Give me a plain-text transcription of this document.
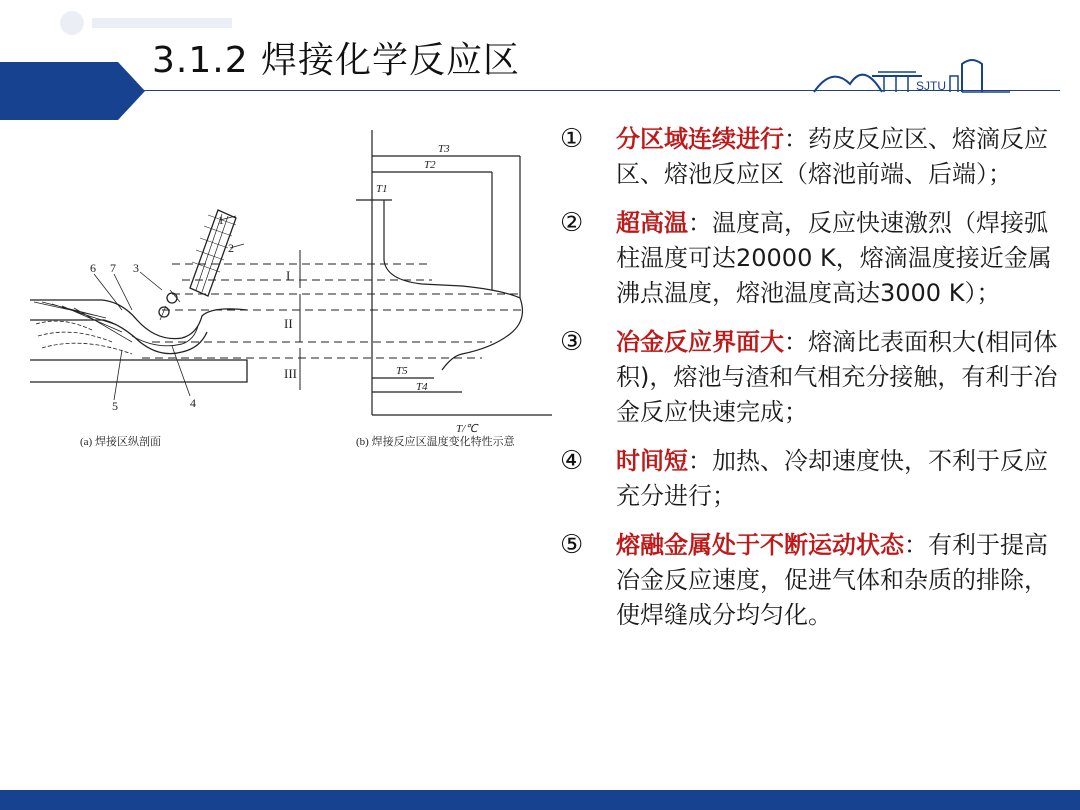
3.1.2 焊接化学反应区
SJTU
1
2
3
6 7
4
5
I
II
III
T3
T2
T1
T5
T4
T/℃
(a) 焊接区纵剖面	(b) 焊接反应区温度变化特性示意
① 分区域连续进行：药皮反应区、熔滴反应区、熔池反应区（熔池前端、后端）；
② 超高温：温度高，反应快速激烈（焊接弧柱温度可达20000 K，熔滴温度接近金属沸点温度，熔池温度高达3000 K）；
③ 冶金反应界面大：熔滴比表面积大(相同体积)，熔池与渣和气相充分接触，有利于冶金反应快速完成；
④ 时间短：加热、冷却速度快，不利于反应充分进行；
⑤ 熔融金属处于不断运动状态：有利于提高冶金反应速度，促进气体和杂质的排除，使焊缝成分均匀化。
